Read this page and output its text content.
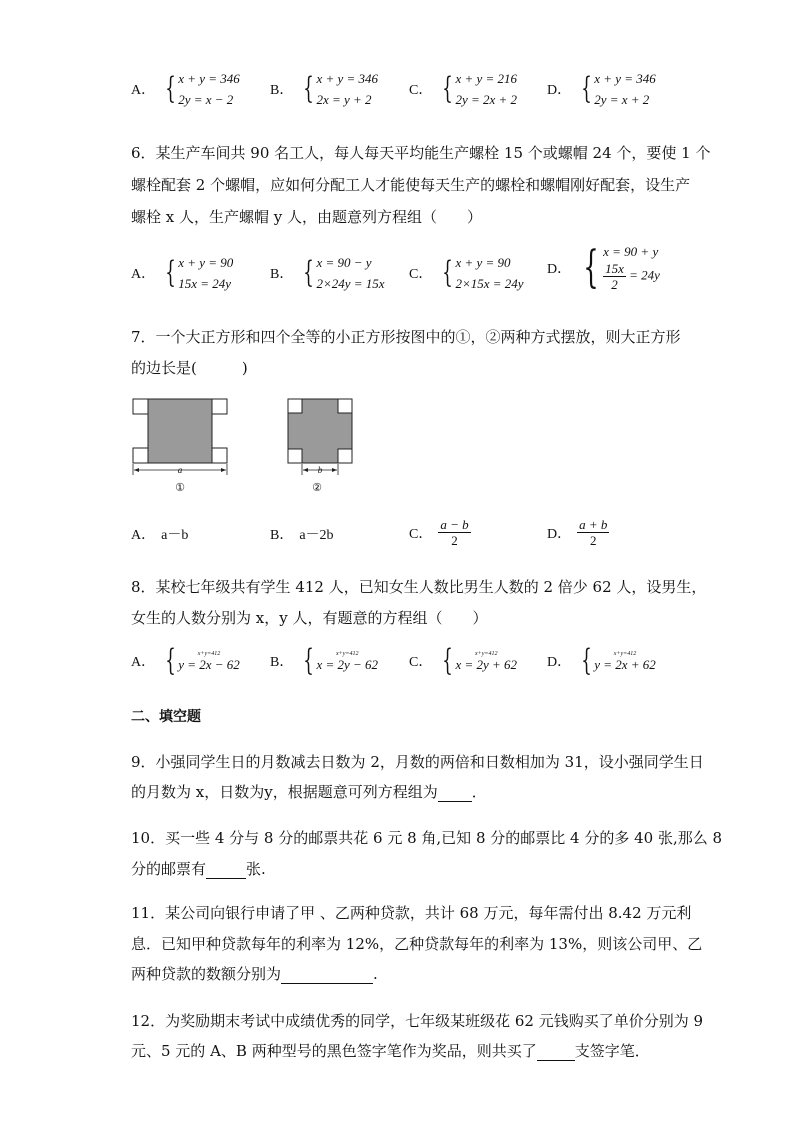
A． { x + y = 346
2y = x − 2
B． { x + y = 346
2x = y + 2
C． { x + y = 216
2y = 2x + 2
D． { x + y = 346
2y = x + 2
6．某生产车间共 90 名工人，每人每天平均能生产螺栓 15 个或螺帽 24 个，要使 1 个
螺栓配套 2 个螺帽，应如何分配工人才能使每天生产的螺栓和螺帽刚好配套，设生产
螺栓 x 人，生产螺帽 y 人，由题意列方程组（　　）
A． { x + y = 90
15x = 24y
B． { x = 90 − y
2×24y = 15x
C． { x + y = 90
2×15x = 24y
D． { x = 90 + y
$\frac{15x}{2} = 24y$
7．一个大正方形和四个全等的小正方形按图中的①，②两种方式摆放，则大正方形
的边长是(　　　)
a
①
b
②
A． a－b	B． a－2b	C． $\frac{a - b}{2}$	D． $\frac{a + b}{2}$
8．某校七年级共有学生 412 人，已知女生人数比男生人数的 2 倍少 62 人，设男生，
女生的人数分别为 x，y 人，有题意的方程组（　　）
A． {	x+y=412
y = 2x − 62 B． {	x+y=412
x = 2y − 62 C． {	x+y=412
x = 2y + 62 D． {	x+y=412
y = 2x + 62
二、填空题
9．小强同学生日的月数减去日数为 2，月数的两倍和日数相加为 31，设小强同学生日
的月数为 x，日数为y，根据题意可列方程组为 ．
10．买一些 4 分与 8 分的邮票共花 6 元 8 角,已知 8 分的邮票比 4 分的多 40 张,那么 8
分的邮票有	张.
11．某公司向银行申请了甲 、乙两种贷款，共计 68 万元，每年需付出 8.42 万元利
息．已知甲种贷款每年的利率为 12%，乙种贷款每年的利率为 13%，则该公司甲、乙
两种贷款的数额分别为	.
12．为奖励期末考试中成绩优秀的同学，七年级某班级花 62 元钱购买了单价分别为 9
元、5 元的 A、B 两种型号的黑色签字笔作为奖品，则共买了	支签字笔．
